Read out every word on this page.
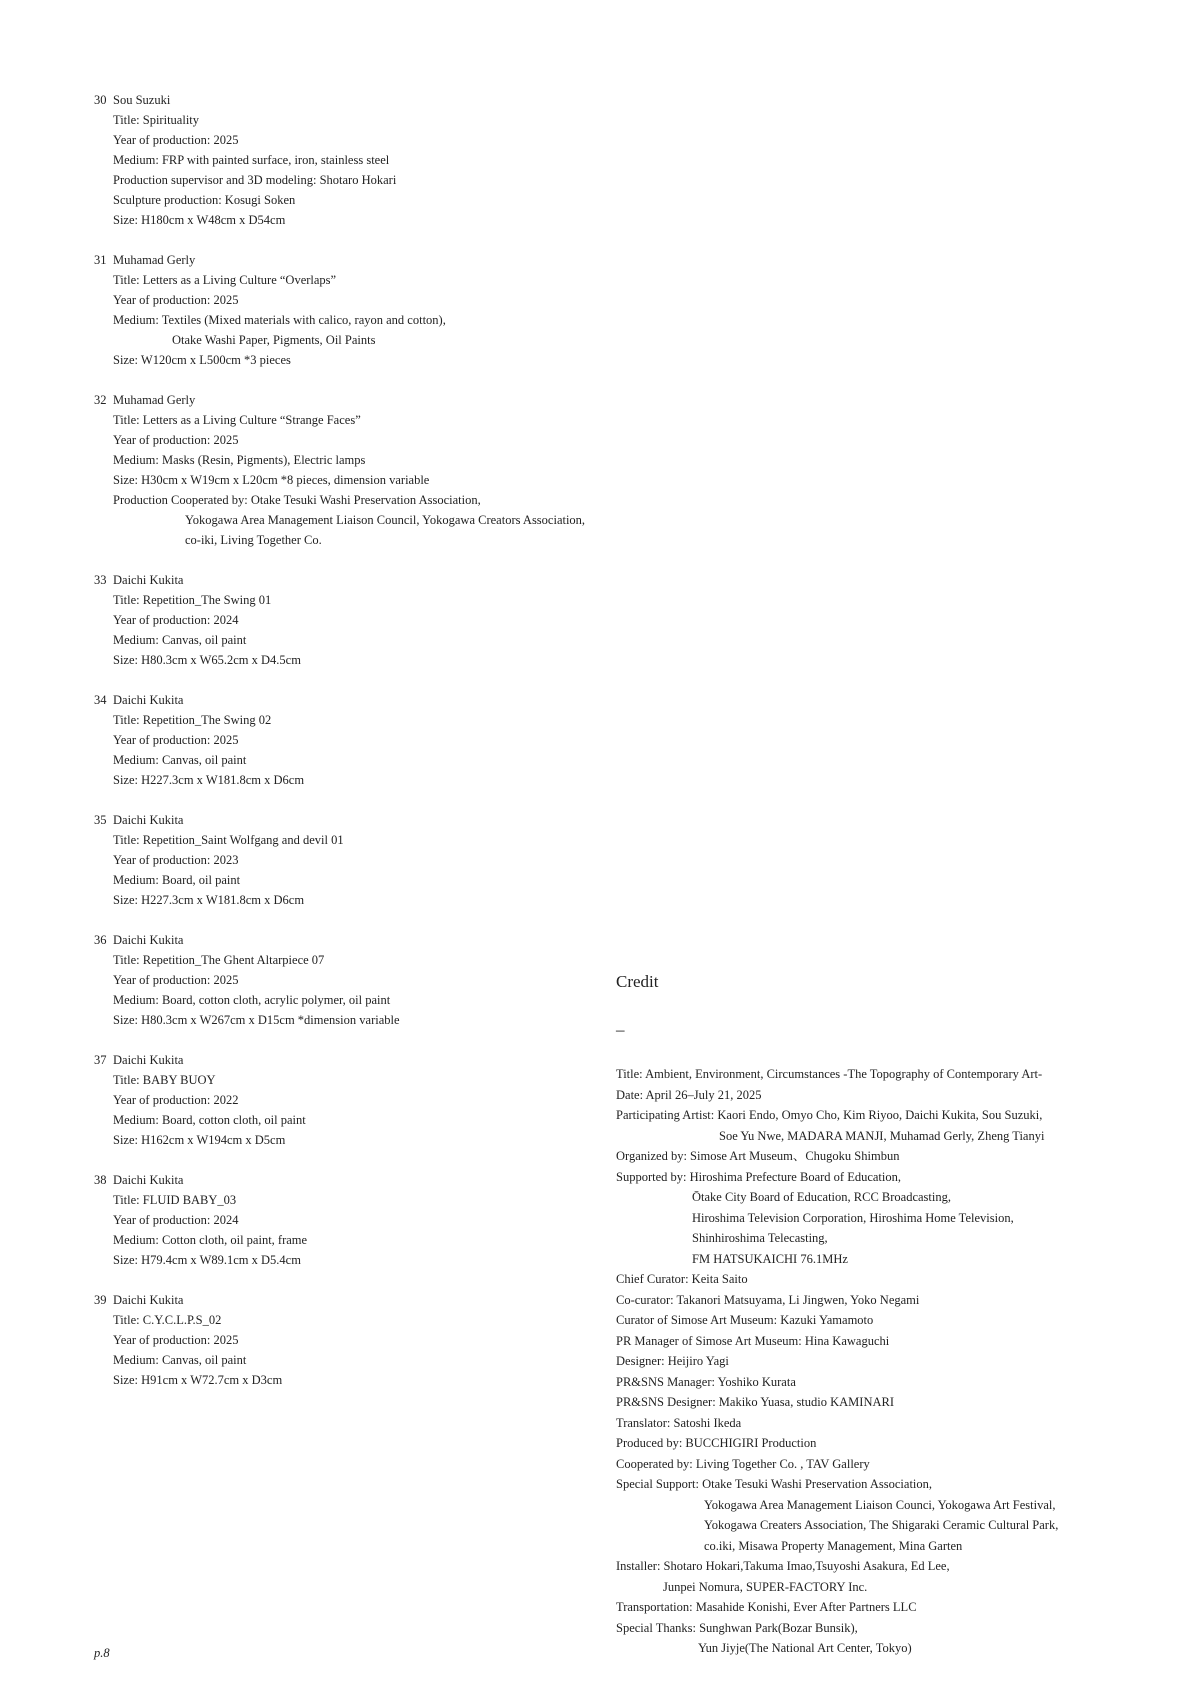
30 Sou Suzuki
Title: Spirituality
Year of production: 2025
Medium: FRP with painted surface, iron, stainless steel
Production supervisor and 3D modeling: Shotaro Hokari
Sculpture production: Kosugi Soken
Size: H180cm x W48cm x D54cm
31 Muhamad Gerly
Title: Letters as a Living Culture “Overlaps”
Year of production: 2025
Medium: Textiles (Mixed materials with calico, rayon and cotton),
Otake Washi Paper, Pigments, Oil Paints
Size: W120cm x L500cm *3 pieces
32 Muhamad Gerly
Title: Letters as a Living Culture “Strange Faces”
Year of production: 2025
Medium: Masks (Resin, Pigments), Electric lamps
Size: H30cm x W19cm x L20cm *8 pieces, dimension variable
Production Cooperated by: Otake Tesuki Washi Preservation Association,
Yokogawa Area Management Liaison Council, Yokogawa Creators Association,
co-iki, Living Together Co.
33 Daichi Kukita
Title: Repetition_The Swing 01
Year of production: 2024
Medium: Canvas, oil paint
Size: H80.3cm x W65.2cm x D4.5cm
34 Daichi Kukita
Title: Repetition_The Swing 02
Year of production: 2025
Medium: Canvas, oil paint
Size: H227.3cm x W181.8cm x D6cm
35 Daichi Kukita
Title: Repetition_Saint Wolfgang and devil 01
Year of production: 2023
Medium: Board, oil paint
Size: H227.3cm x W181.8cm x D6cm
36 Daichi Kukita
Title: Repetition_The Ghent Altarpiece 07
Year of production: 2025
Medium: Board, cotton cloth, acrylic polymer, oil paint
Size: H80.3cm x W267cm x D15cm *dimension variable
37 Daichi Kukita
Title: BABY BUOY
Year of production: 2022
Medium: Board, cotton cloth, oil paint
Size: H162cm x W194cm x D5cm
38 Daichi Kukita
Title: FLUID BABY_03
Year of production: 2024
Medium: Cotton cloth, oil paint, frame
Size: H79.4cm x W89.1cm x D5.4cm
39 Daichi Kukita
Title: C.Y.C.L.P.S_02
Year of production: 2025
Medium: Canvas, oil paint
Size: H91cm x W72.7cm x D3cm
Credit
–
Title: Ambient, Environment, Circumstances -The Topography of Contemporary Art-
Date: April 26–July 21, 2025
Participating Artist: Kaori Endo, Omyo Cho, Kim Riyoo, Daichi Kukita, Sou Suzuki,
Soe Yu Nwe, MADARA MANJI, Muhamad Gerly, Zheng Tianyi
Organized by: Simose Art Museum、Chugoku Shimbun
Supported by: Hiroshima Prefecture Board of Education,
Ōtake City Board of Education, RCC Broadcasting,
Hiroshima Television Corporation, Hiroshima Home Television,
Shinhiroshima Telecasting,
FM HATSUKAICHI 76.1MHz
Chief Curator: Keita Saito
Co-curator: Takanori Matsuyama, Li Jingwen, Yoko Negami
Curator of Simose Art Museum: Kazuki Yamamoto
PR Manager of Simose Art Museum: Hina Kawaguchi
Designer: Heijiro Yagi
PR&SNS Manager: Yoshiko Kurata
PR&SNS Designer: Makiko Yuasa, studio KAMINARI
Translator: Satoshi Ikeda
Produced by: BUCCHIGIRI Production
Cooperated by: Living Together Co. , TAV Gallery
Special Support: Otake Tesuki Washi Preservation Association,
Yokogawa Area Management Liaison Counci, Yokogawa Art Festival,
Yokogawa Creaters Association, The Shigaraki Ceramic Cultural Park,
co.iki, Misawa Property Management, Mina Garten
Installer: Shotaro Hokari,Takuma Imao,Tsuyoshi Asakura, Ed Lee,
Junpei Nomura, SUPER-FACTORY Inc.
Transportation: Masahide Konishi, Ever After Partners LLC
Special Thanks: Sunghwan Park(Bozar Bunsik),
Yun Jiyje(The National Art Center, Tokyo)
p.8
